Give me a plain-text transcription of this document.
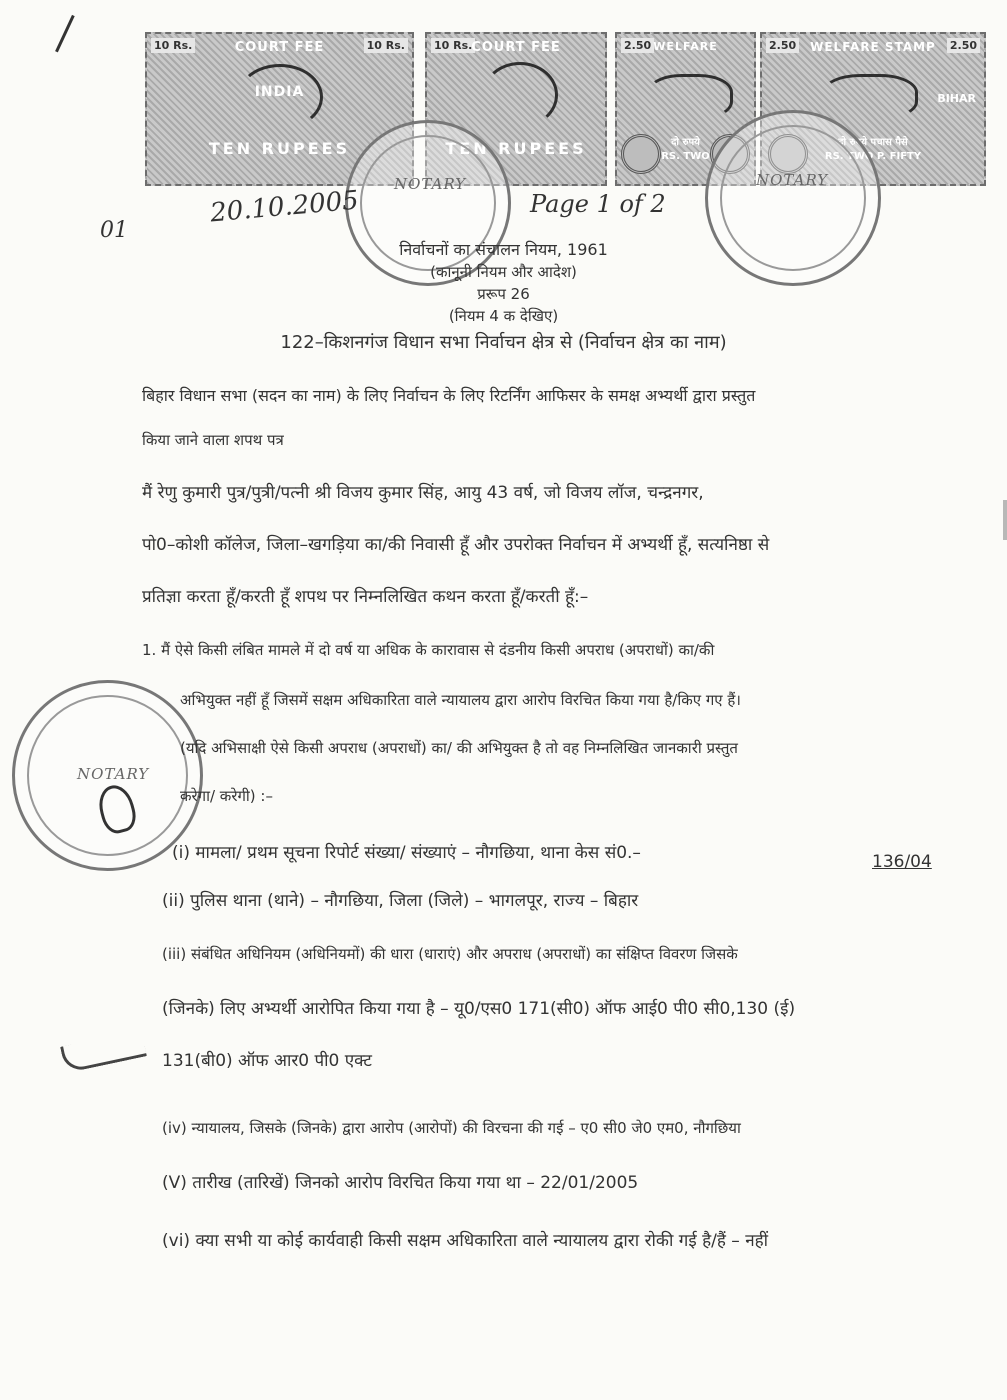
10 Rs.	10 Rs.
COURT FEE
INDIA
TEN RUPEES
10 Rs.
COURT FEE
TEN RUPEES
2.50 WELFARE
दो रुपये
RS. TWO
2.50	2.50
WELFARE STAMP
BIHAR
दो रुपये पचास पैसे
RS. TWO P. FIFTY
NOTARY	NOTARY
NOTARY
01
20.10.2005	Page 1 of 2
निर्वाचनों का संचालन नियम, 1961
(कानूनी नियम और आदेश)
प्ररूप 26
(नियम 4 क देखिए)
122–किशनगंज विधान सभा निर्वाचन क्षेत्र से (निर्वाचन क्षेत्र का नाम)
बिहार विधान सभा (सदन का नाम) के लिए निर्वाचन के लिए रिटर्निंग आफिसर के समक्ष अभ्यर्थी द्वारा प्रस्तुत
किया जाने वाला शपथ पत्र
मैं रेणु कुमारी पुत्र/पुत्री/पत्नी श्री विजय कुमार सिंह, आयु 43 वर्ष, जो विजय लॉज, चन्द्रनगर,
पो0–कोशी कॉलेज, जिला–खगड़िया का/की निवासी हूँ और उपरोक्त निर्वाचन में अभ्यर्थी हूँ, सत्यनिष्ठा से
प्रतिज्ञा करता हूँ/करती हूँ शपथ पर निम्नलिखित कथन करता हूँ/करती हूँ:–
1. मैं ऐसे किसी लंबित मामले में दो वर्ष या अधिक के कारावास से दंडनीय किसी अपराध (अपराधों) का/की
अभियुक्त नहीं हूँ जिसमें सक्षम अधिकारिता वाले न्यायालय द्वारा आरोप विरचित किया गया है/किए गए हैं।
(यदि अभिसाक्षी ऐसे किसी अपराध (अपराधों) का/ की अभियुक्त है तो वह निम्नलिखित जानकारी प्रस्तुत
करेगा/ करेगी) :–
(i) मामला/ प्रथम सूचना रिपोर्ट संख्या/ संख्याएं – नौगछिया, थाना केस सं0.–	136/04
(ii) पुलिस थाना (थाने) – नौगछिया, जिला (जिले) – भागलपूर, राज्य – बिहार
(iii) संबंधित अधिनियम (अधिनियमों) की धारा (धाराएं) और अपराध (अपराधों) का संक्षिप्त विवरण जिसके
(जिनके) लिए अभ्यर्थी आरोपित किया गया है – यू0/एस0 171(सी0) ऑफ आई0 पी0 सी0,130 (ई)
131(बी0) ऑफ आर0 पी0 एक्ट
(iv) न्यायालय, जिसके (जिनके) द्वारा आरोप (आरोपों) की विरचना की गई – ए0 सी0 जे0 एम0, नौगछिया
(V) तारीख (तारिखें) जिनको आरोप विरचित किया गया था – 22/01/2005
(vi) क्या सभी या कोई कार्यवाही किसी सक्षम अधिकारिता वाले न्यायालय द्वारा रोकी गई है/हैं – नहीं
